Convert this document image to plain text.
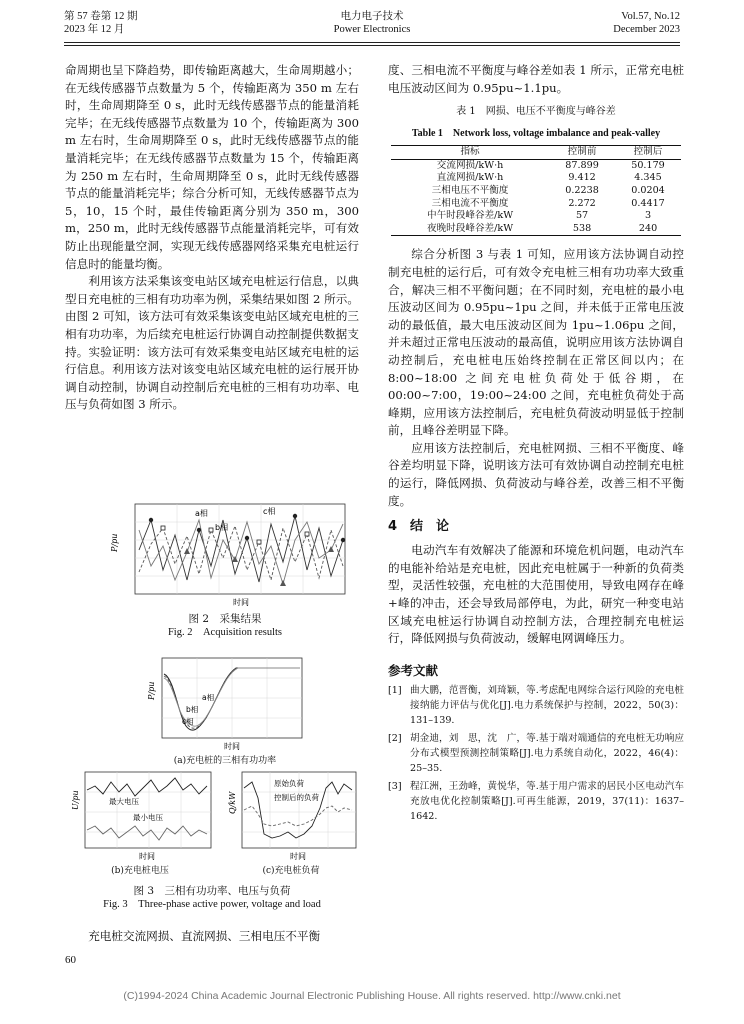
第 57 卷第 12 期
2023 年 12 月
电力电子技术
Power Electronics
Vol.57, No.12
December 2023

命周期也呈下降趋势，即传输距离越大，生命周期越小；在无线传感器节点数量为 5 个，传输距离为 350 m 左右时，生命周期降至 0 s，此时无线传感器节点的能量消耗完毕；在无线传感器节点数量为 10 个，传输距离为 300 m 左右时，生命周期降至 0 s，此时无线传感器节点的能量消耗完毕；在无线传感器节点数量为 15 个，传输距离为 250 m 左右时，生命周期降至 0 s，此时无线传感器节点的能量消耗完毕；综合分析可知，无线传感器节点为 5，10，15 个时，最佳传输距离分别为 350 m，300 m，250 m，此时无线传感器节点能量消耗完毕，可有效防止出现能量空洞，实现无线传感器网络采集充电桩运行信息时的能量均衡。

利用该方法采集该变电站区域充电桩运行信息，以典型日充电桩的三相有功功率为例，采集结果如图 2 所示。由图 2 可知，该方法可有效采集该变电站区域充电桩的三相有功功率，为后续充电桩运行协调自动控制提供数据支持。实验证明：该方法可有效采集变电站区域充电桩的运行信息。利用该方法对该变电站区域充电桩的运行展开协调自动控制，协调自动控制后充电桩的三相有功功率、电压与负荷如图 3 所示。

a相
b相
c相
P/pu
时间
图 2　采集结果
Fig. 2　Acquisition results
a相
b相
c相
P/pu
时间
(a)充电桩的三相有功功率
最大电压
最小电压
U/pu
时间
(b)充电桩电压
原始负荷
控制后的负荷
Q/kW
时间
(c)充电桩负荷
图 3　三相有功功率、电压与负荷
Fig. 3　Three-phase active power, voltage and load

充电桩交流网损、直流网损、三相电压不平衡

度、三相电流不平衡度与峰谷差如表 1 所示，正常充电桩电压波动区间为 0.95pu~1.1pu。

表 1　网损、电压不平衡度与峰谷差
Table 1　Network loss, voltage imbalance and peak-valley
指标	控制前	控制后
交流网损/kW·h	87.899	50.179
直流网损/kW·h	9.412	4.345
三相电压不平衡度	0.2238	0.0204
三相电流不平衡度	2.272	0.4417
中午时段峰谷差/kW	57	3
夜晚时段峰谷差/kW	538	240

综合分析图 3 与表 1 可知，应用该方法协调自动控制充电桩的运行后，可有效令充电桩三相有功功率大致重合，解决三相不平衡问题；在不同时刻，充电桩的最小电压波动区间为 0.95pu~1pu 之间，并未低于正常电压波动的最低值，最大电压波动区间为 1pu~1.06pu 之间，并未超过正常电压波动的最高值，说明应用该方法协调自动控制后，充电桩电压始终控制在正常区间以内；在 8:00~18:00 之间充电桩负荷处于低谷期，在 00:00~7:00，19:00~24:00 之间，充电桩负荷处于高峰期，应用该方法控制后，充电桩负荷波动明显低于控制前，且峰谷差明显下降。

应用该方法控制后，充电桩网损、三相不平衡度、峰谷差均明显下降，说明该方法可有效协调自动控制充电桩的运行，降低网损、负荷波动与峰谷差，改善三相不平衡度。

4　结　论

电动汽车有效解决了能源和环境危机问题，电动汽车的电能补给站是充电桩，因此充电桩属于一种新的负荷类型，灵活性较强，充电桩的大范围使用，导致电网存在峰+峰的冲击，还会导致局部停电，为此，研究一种变电站区域充电桩运行协调自动控制方法，合理控制充电桩运行，降低网损与负荷波动，缓解电网调峰压力。

参考文献
[1] 曲大鹏，范晋衡，刘琦颖，等.考虑配电网综合运行风险的充电桩接纳能力评估与优化[J].电力系统保护与控制，2022，50(3)：131–139.
[2] 胡金迪，刘　思，沈　广，等.基于端对端通信的充电桩无功响应分布式模型预测控制策略[J].电力系统自动化，2022，46(4)：25–35.
[3] 程江洲，王劲峰，黄悦华，等.基于用户需求的居民小区电动汽车充放电优化控制策略[J].可再生能源，2019，37(11)：1637–1642.
60
(C)1994-2024 China Academic Journal Electronic Publishing House. All rights reserved. http://www.cnki.net
